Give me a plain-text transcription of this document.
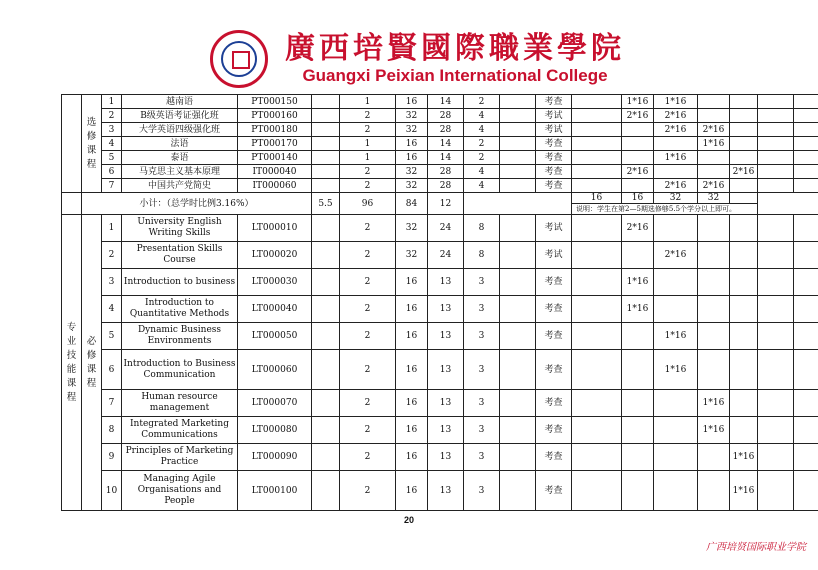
廣西培賢國際職業學院
Guangxi Peixian International College

	选修课程	1	越南语	PT000150		1	16	14	2		考查		1*16	1*16				
		2	B级英语考证强化班	PT000160		2	32	28	4		考试		2*16	2*16				
		3	大学英语四级强化班	PT000180		2	32	28	4		考试			2*16	2*16			
		4	法语	PT000170		1	16	14	2		考查				1*16			
		5	泰语	PT000140		1	16	14	2		考查			1*16				
		6	马克思主义基本原理	IT000040		2	32	28	4		考查		2*16			2*16		
		7	中国共产党简史	IT000060		2	32	28	4		考查			2*16	2*16			
	小计：（总学时比例3.16%）				5.5	96	84	12				16	16	32	32			
												说明：学生在第2—5期选修够5.5个学分以上即可。						

专业技能课程	必修课程	1	University English Writing Skills	LT000010		2	32	24	8		考试		2*16					
		2	Presentation Skills Course	LT000020		2	32	24	8		考试			2*16				
		3	Introduction to business	LT000030		2	16	13	3		考查		1*16					
		4	Introduction to Quantitative Methods	LT000040		2	16	13	3		考查		1*16					
		5	Dynamic Business Environments	LT000050		2	16	13	3		考查			1*16				
		6	Introduction to Business Communication	LT000060		2	16	13	3		考查			1*16				
		7	Human resource management	LT000070		2	16	13	3		考查				1*16			
		8	Integrated Marketing Communications	LT000080		2	16	13	3		考查				1*16			
		9	Principles of Marketing Practice	LT000090		2	16	13	3		考查					1*16		
		10	Managing Agile Organisations and People	LT000100		2	16	13	3		考查					1*16		
20
广西培贤国际职业学院
